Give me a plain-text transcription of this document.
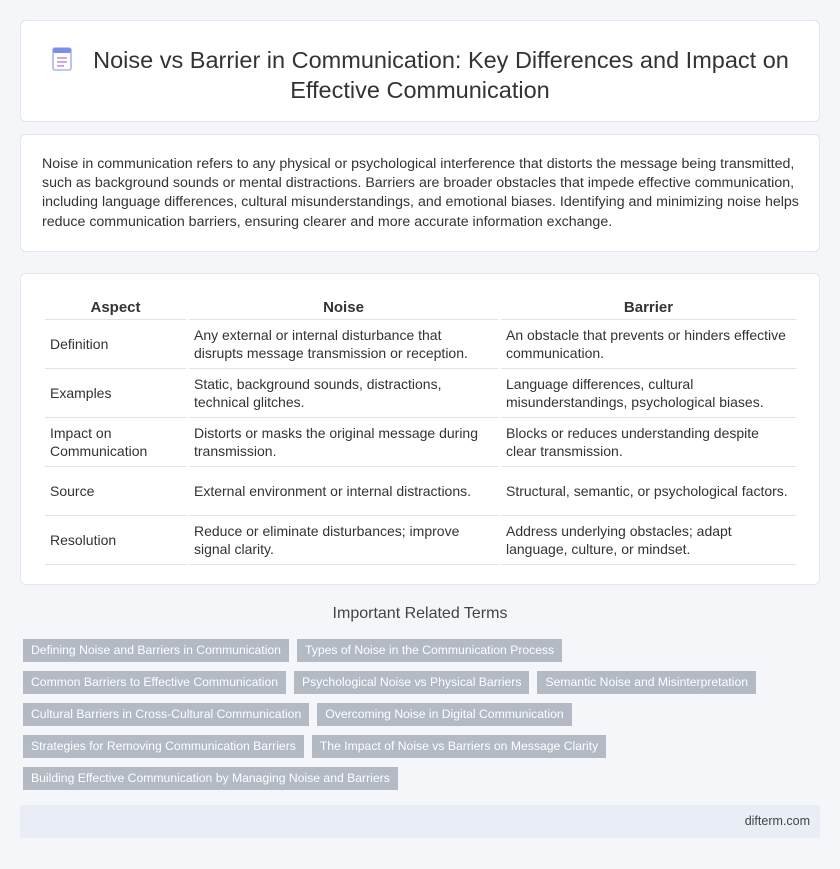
Noise vs Barrier in Communication: Key Differences and Impact on Effective Communication

Noise in communication refers to any physical or psychological interference that distorts the message being transmitted, such as background sounds or mental distractions. Barriers are broader obstacles that impede effective communication, including language differences, cultural misunderstandings, and emotional biases. Identifying and minimizing noise helps reduce communication barriers, ensuring clearer and more accurate information exchange.

Aspect	Noise	Barrier
Definition	Any external or internal disturbance that disrupts message transmission or reception.	An obstacle that prevents or hinders effective communication.
Examples	Static, background sounds, distractions, technical glitches.	Language differences, cultural misunderstandings, psychological biases.
Impact on Communication	Distorts or masks the original message during transmission.	Blocks or reduces understanding despite clear transmission.
Source	External environment or internal distractions.	Structural, semantic, or psychological factors.
Resolution	Reduce or eliminate disturbances; improve signal clarity.	Address underlying obstacles; adapt language, culture, or mindset.
Important Related Terms
Defining Noise and Barriers in Communication	Types of Noise in the Communication Process
Common Barriers to Effective Communication	Psychological Noise vs Physical Barriers	Semantic Noise and Misinterpretation
Cultural Barriers in Cross-Cultural Communication	Overcoming Noise in Digital Communication
Strategies for Removing Communication Barriers	The Impact of Noise vs Barriers on Message Clarity
Building Effective Communication by Managing Noise and Barriers
difterm.com
